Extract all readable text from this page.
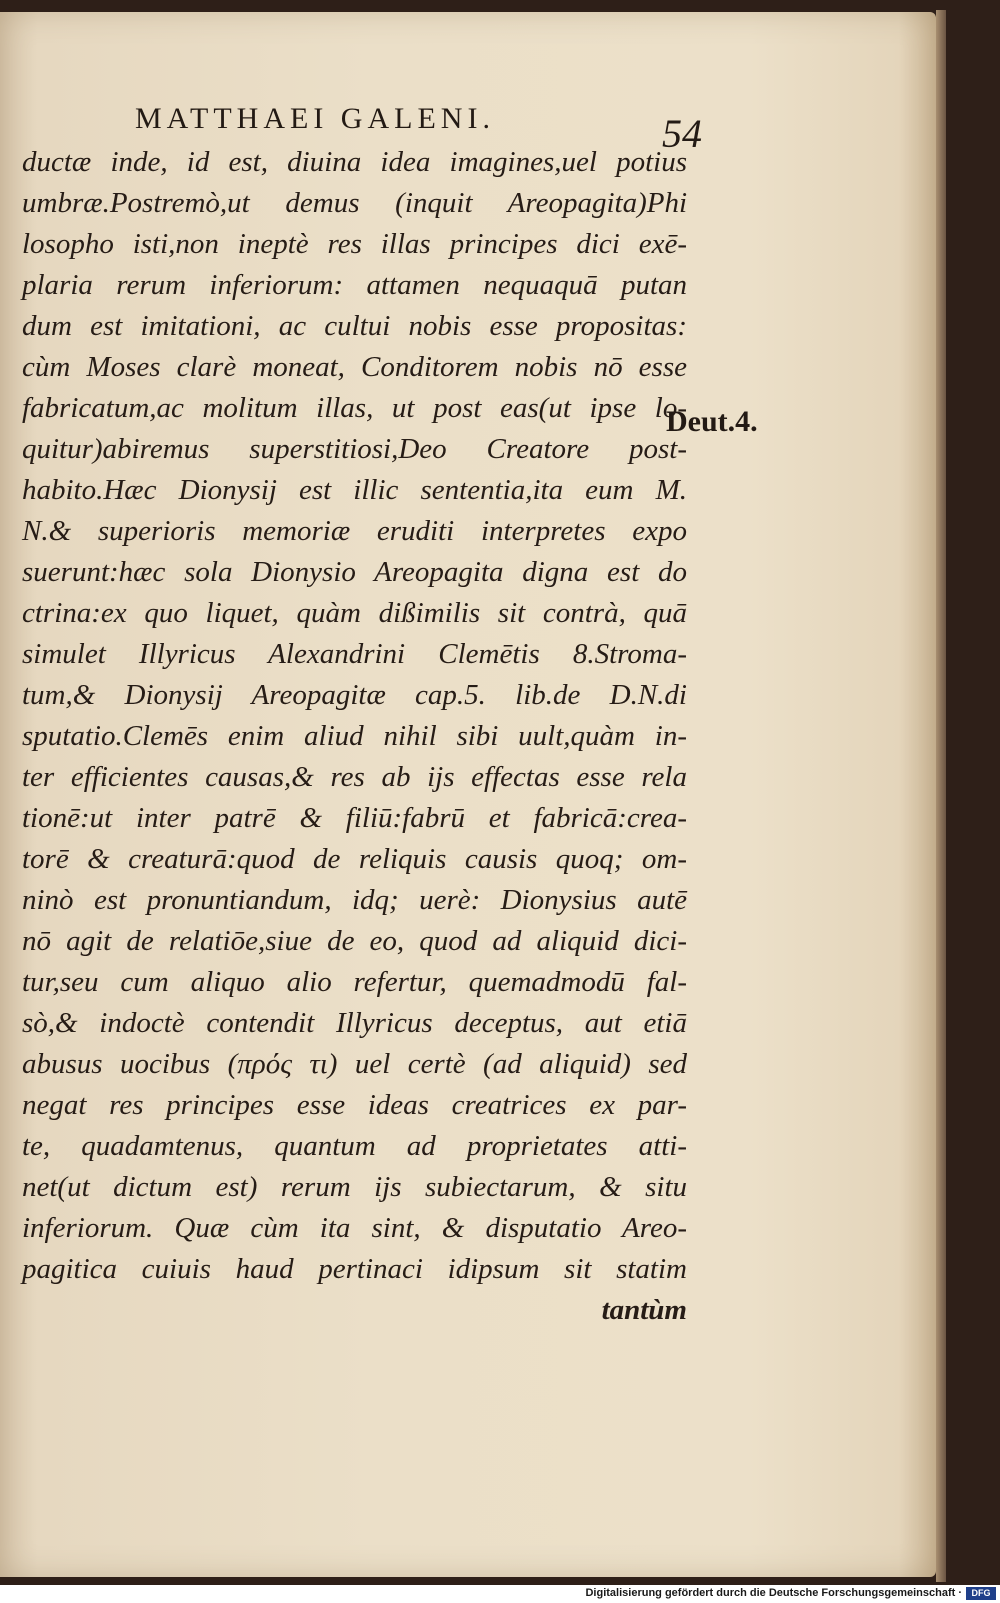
MATTHAEI GALENI.	54
Deut.4.
ductæ inde, id est, diuina idea imagines,uel potius
umbræ.Postremò,ut demus (inquit Areopagita)Phi
losopho isti,non ineptè res illas principes dici exē-
plaria rerum inferiorum: attamen nequaquā putan
dum est imitationi, ac cultui nobis esse propositas:
cùm Moses clarè moneat, Conditorem nobis nō esse
fabricatum,ac molitum illas, ut post eas(ut ipse lo-
quitur)abiremus superstitiosi,Deo Creatore post-
habito.Hæc Dionysij est illic sententia,ita eum M.
N.& superioris memoriæ eruditi interpretes expo
suerunt:hæc sola Dionysio Areopagita digna est do
ctrina:ex quo liquet, quàm dißimilis sit contrà, quā
simulet Illyricus Alexandrini Clemētis 8.Stroma-
tum,& Dionysij Areopagitæ cap.5. lib.de D.N.di
sputatio.Clemēs enim aliud nihil sibi uult,quàm in-
ter efficientes causas,& res ab ijs effectas esse rela
tionē:ut inter patrē & filiū:fabrū et fabricā:crea-
torē & creaturā:quod de reliquis causis quoq; om-
ninò est pronuntiandum, idq; uerè: Dionysius autē
nō agit de relatiōe,siue de eo, quod ad aliquid dici-
tur,seu cum aliquo alio refertur, quemadmodū fal-
sò,& indoctè contendit Illyricus deceptus, aut etiā
abusus uocibus (πρός τι) uel certè (ad aliquid) sed
negat res principes esse ideas creatrices ex par-
te, quadamtenus, quantum ad proprietates atti-
net(ut dictum est) rerum ijs subiectarum, & situ
inferiorum. Quæ cùm ita sint, & disputatio Areo-
pagitica cuiuis haud pertinaci idipsum sit statim
tantùm
Digitalisierung gefördert durch die Deutsche Forschungsgemeinschaft ·	DFG
